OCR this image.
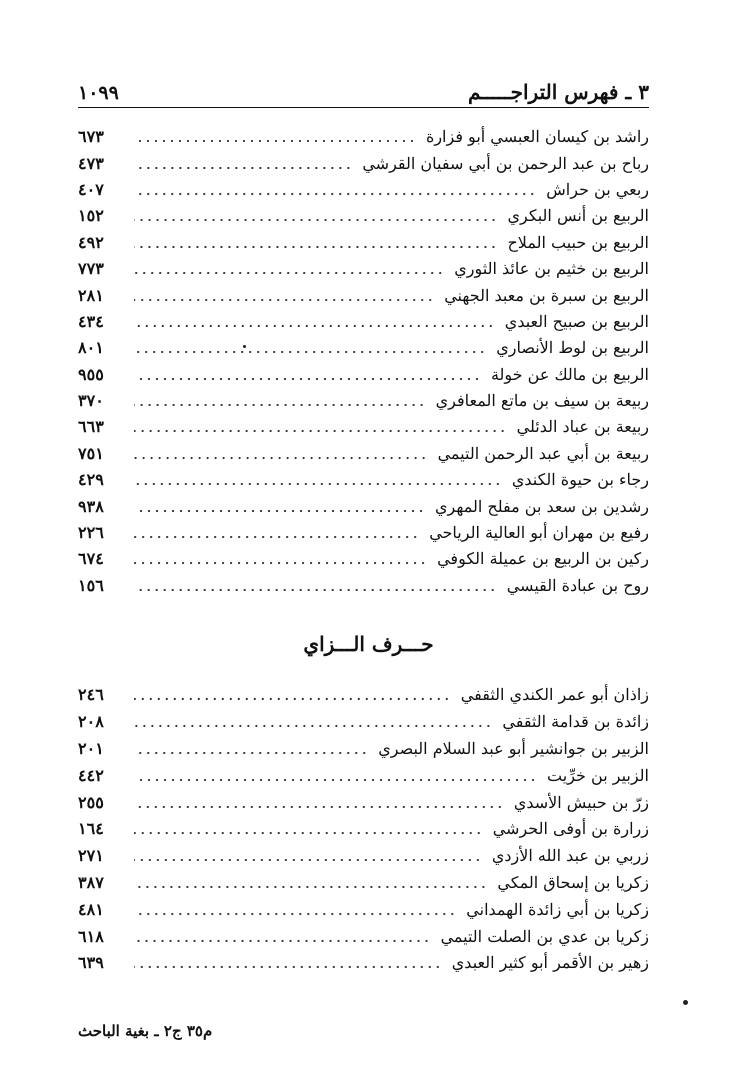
٣ ـ فهرس التراجـــــم
١٠٩٩
راشد بن كيسان العبسي أبو فزارة
٦٧٣
رباح بن عبد الرحمن بن أبي سفيان القرشي
٤٧٣
ربعي بن حراش
٤٠٧
الربيع بن أنس البكري
١٥٢
الربيع بن حبيب الملاح
٤٩٢
الربيع بن خثيم بن عائذ الثوري
٧٧٣
الربيع بن سبرة بن معبد الجهني
٢٨١
الربيع بن صبيح العبدي
٤٣٤
الربيع بن لوط الأنصاري
٨٠١
الربيع بن مالك عن خولة
٩٥٥
ربيعة بن سيف بن ماتع المعافري
٣٧٠
ربيعة بن عباد الدئلي
٦٦٣
ربيعة بن أبي عبد الرحمن التيمي
٧٥١
رجاء بن حيوة الكندي
٤٢٩
رشدين بن سعد بن مفلح المهري
٩٣٨
رفيع بن مهران أبو العالية الرياحي
٢٢٦
ركين بن الربيع بن عميلة الكوفي
٦٧٤
روح بن عبادة القيسي
١٥٦
حـــرف الـــزاي
زاذان أبو عمر الكندي الثقفي
٢٤٦
زائدة بن قدامة الثقفي
٢٠٨
الزبير بن جوانشير أبو عبد السلام البصري
٢٠١
الزبير بن خرِّيت
٤٤٢
زرّ بن حبيش الأسدي
٢٥٥
زرارة بن أوفى الحرشي
١٦٤
زربي بن عبد الله الأزدي
٢٧١
زكريا بن إسحاق المكي
٣٨٧
زكريا بن أبي زائدة الهمداني
٤٨١
زكريا بن عدي بن الصلت التيمي
٦١٨
زهير بن الأقمر أبو كثير العبدي
٦٣٩
م٣٥ ج٢ ـ بغية الباحث
